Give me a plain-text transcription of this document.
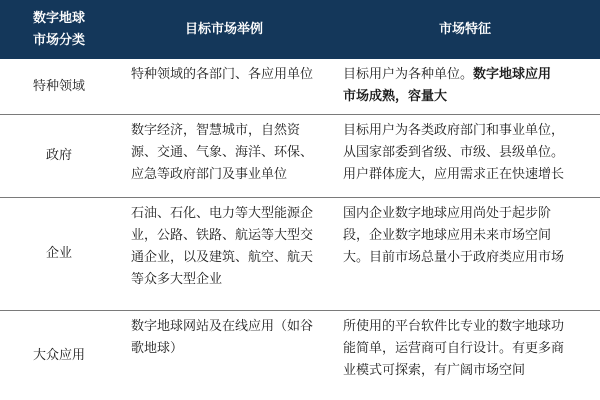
数字地球
市场分类
目标市场举例	市场特征
特种领域
特种领域的各部门、各应用单位	目标用户为各种单位。数字地球应用
市场成熟，容量大
政府
数字经济，智慧城市，自然资
源、交通、气象、海洋、环保、
应急等政府部门及事业单位
目标用户为各类政府部门和事业单位，
从国家部委到省级、市级、县级单位。
用户群体庞大，应用需求正在快速增长
企业
石油、石化、电力等大型能源企
业，公路、铁路、航运等大型交
通企业，以及建筑、航空、航天
等众多大型企业
国内企业数字地球应用尚处于起步阶
段，企业数字地球应用未来市场空间
大。目前市场总量小于政府类应用市场
大众应用
数字地球网站及在线应用（如谷
歌地球）
所使用的平台软件比专业的数字地球功
能简单，运营商可自行设计。有更多商
业模式可探索，有广阔市场空间
